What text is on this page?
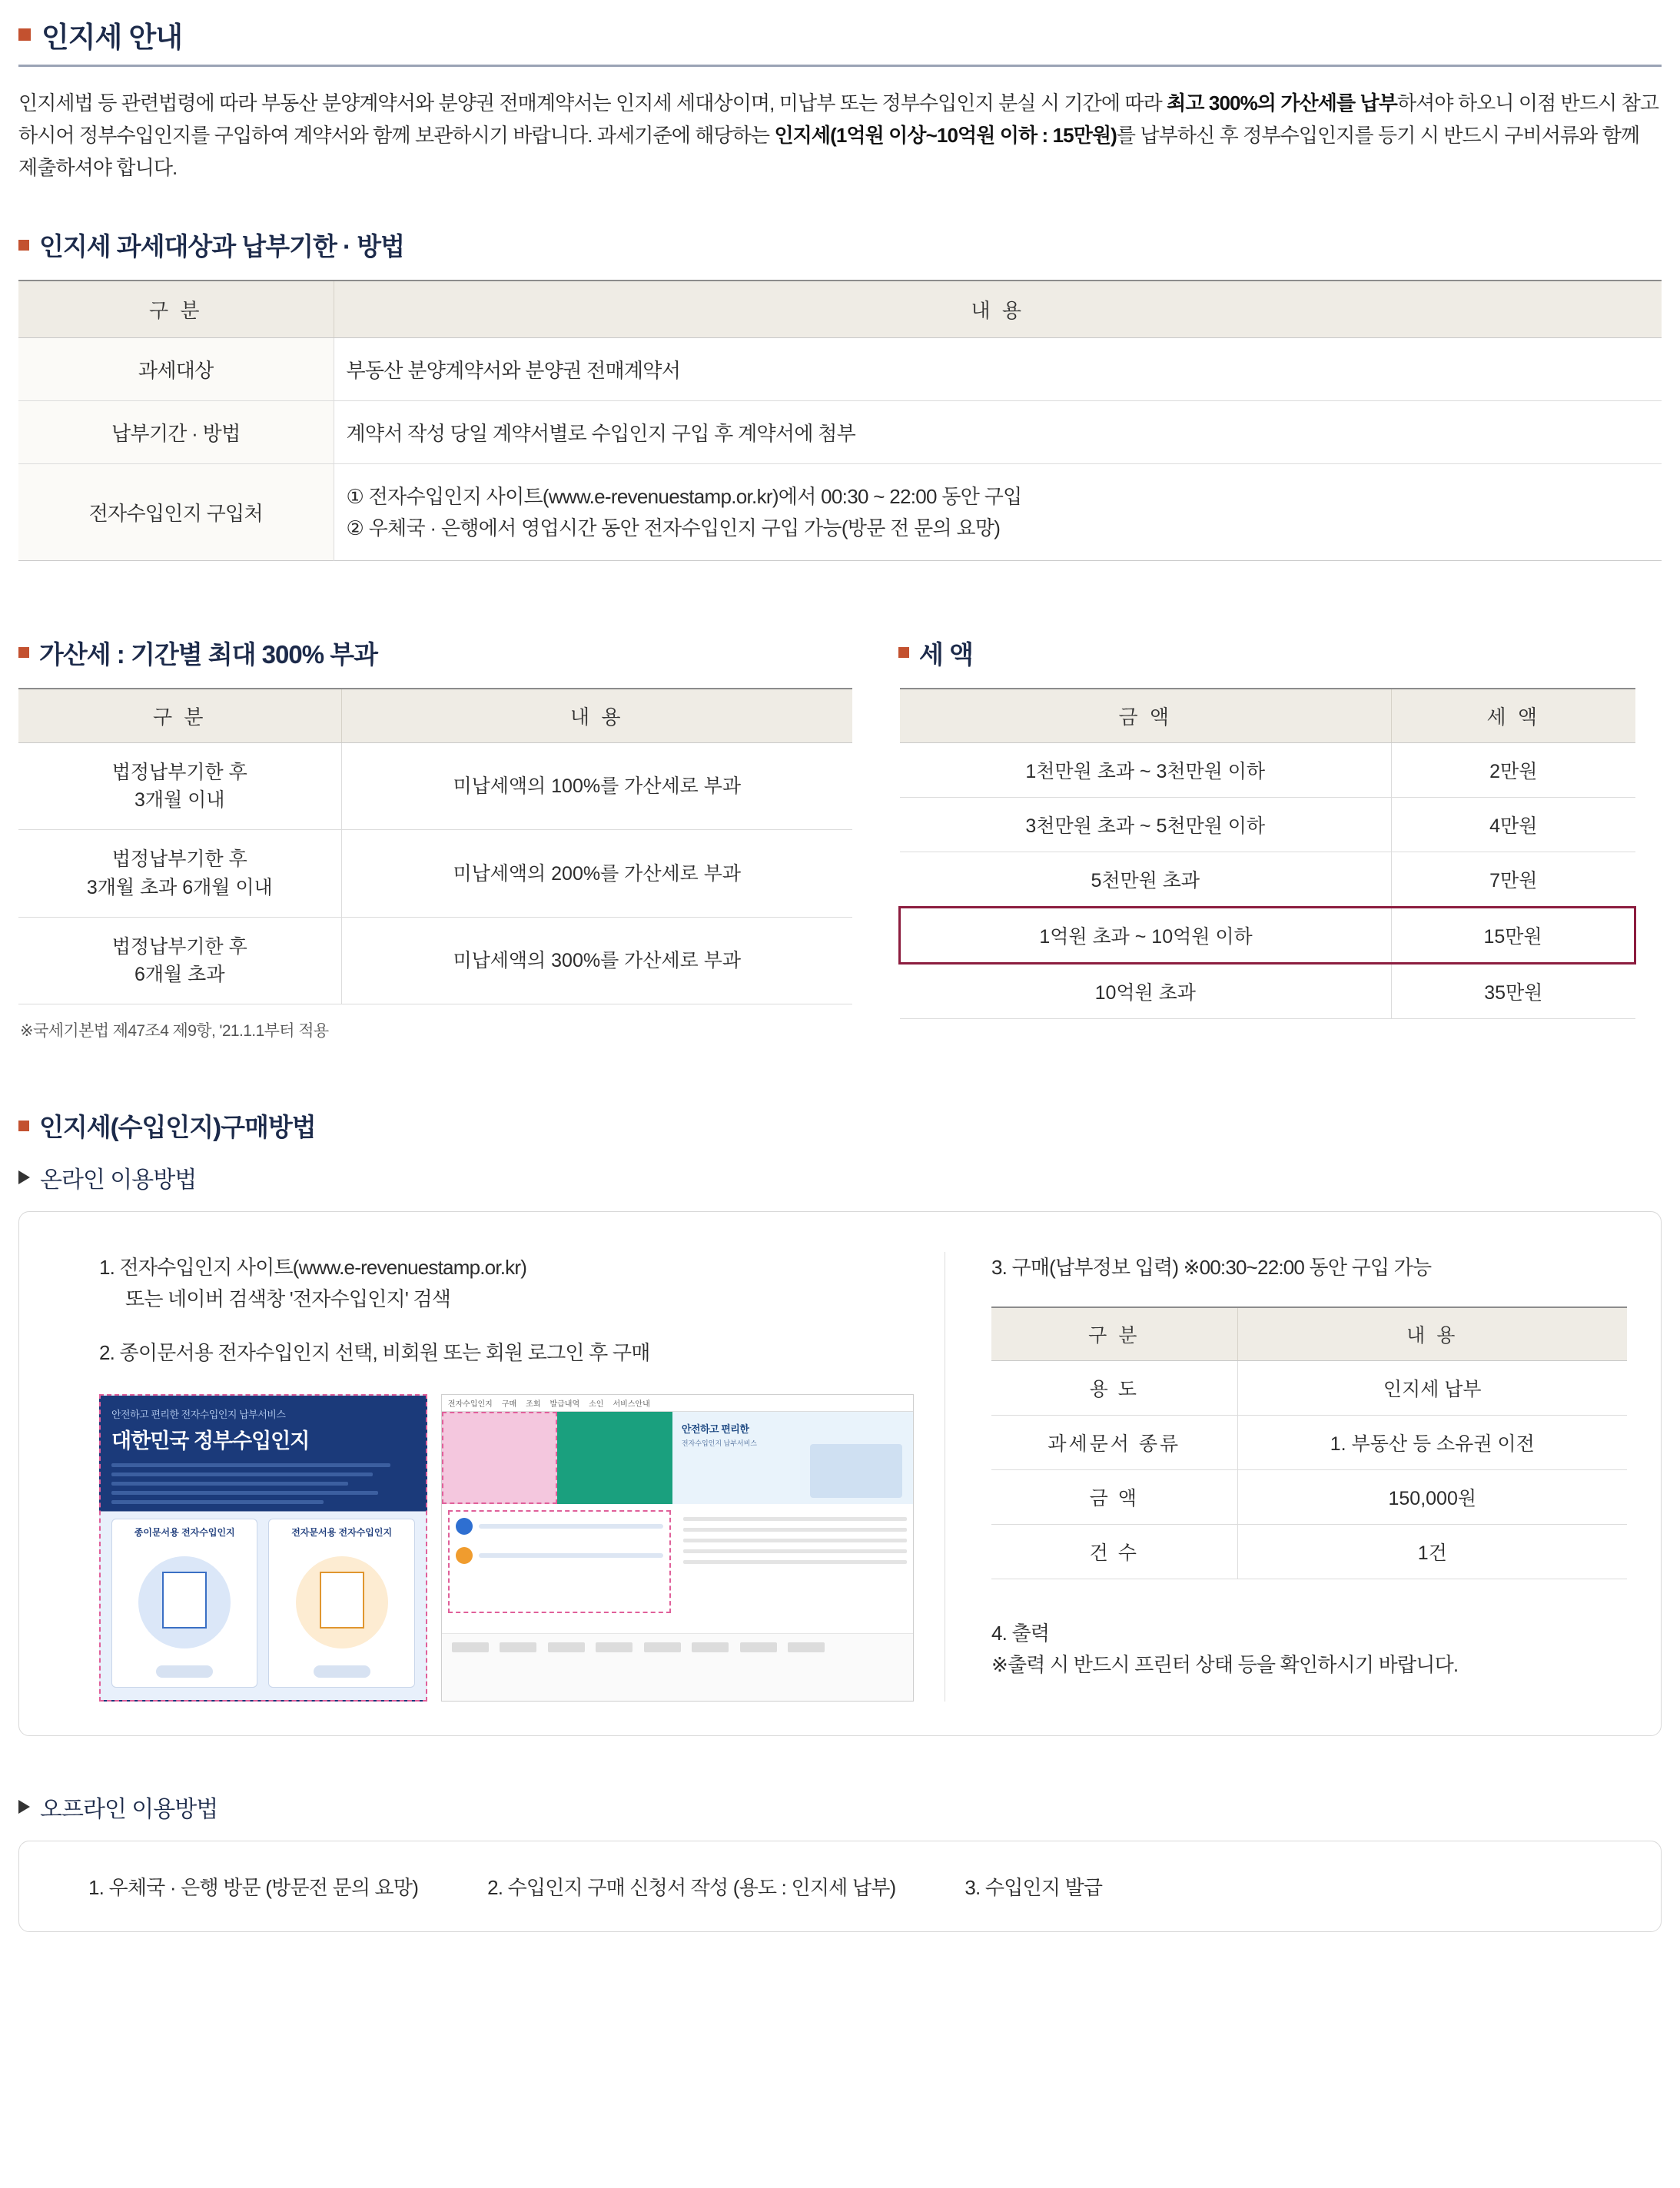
인지세 안내

인지세법 등 관련법령에 따라 부동산 분양계약서와 분양권 전매계약서는 인지세 세대상이며, 미납부 또는 정부수입인지 분실 시 기간에 따라 최고 300%의 가산세를 납부하셔야 하오니 이점 반드시 참고하시어 정부수입인지를 구입하여 계약서와 함께 보관하시기 바랍니다. 과세기준에 해당하는 인지세(1억원 이상~10억원 이하 : 15만원)를 납부하신 후 정부수입인지를 등기 시 반드시 구비서류와 함께 제출하셔야 합니다.

인지세 과세대상과 납부기한 · 방법
구 분	내 용
과세대상	부동산 분양계약서와 분양권 전매계약서
납부기간 · 방법	계약서 작성 당일 계약서별로 수입인지 구입 후 계약서에 첨부
전자수입인지 구입처	① 전자수입인지 사이트(www.e-revenuestamp.or.kr)에서 00:30 ~ 22:00 동안 구입
② 우체국 · 은행에서 영업시간 동안 전자수입인지 구입 가능(방문 전 문의 요망)
가산세 : 기간별 최대 300% 부과
구 분	내 용

법정납부기한 후
3개월 이내	미납세액의 100%를 가산세로 부과

법정납부기한 후
3개월 초과 6개월 이내	미납세액의 200%를 가산세로 부과

법정납부기한 후
6개월 초과	미납세액의 300%를 가산세로 부과
※국세기본법 제47조4 제9항, '21.1.1부터 적용
세 액
금 액	세 액
1천만원 초과 ~ 3천만원 이하	2만원
3천만원 초과 ~ 5천만원 이하	4만원
5천만원 초과	7만원
1억원 초과 ~ 10억원 이하	15만원
10억원 초과	35만원
인지세(수입인지)구매방법
온라인 이용방법
1. 전자수입인지 사이트(www.e-revenuestamp.or.kr)
또는 네이버 검색창 '전자수입인지' 검색
2. 종이문서용 전자수입인지 선택, 비회원 또는 회원 로그인 후 구매
안전하고 편리한 전자수입인지 납부서비스
대한민국 정부수입인지
종이문서용 전자수입인지	전자문서용 전자수입인지
전자수입인지 구매 조회 발급내역 소인 서비스안내
안전하고 편리한
전자수입인지 납부서비스

3. 구매(납부정보 입력) ※00:30~22:00 동안 구입 가능
구 분	내 용
용 도	인지세 납부
과세문서 종류	1. 부동산 등 소유권 이전
금 액	150,000원
건 수	1건
4. 출력
※출력 시 반드시 프린터 상태 등을 확인하시기 바랍니다.
오프라인 이용방법
1. 우체국 · 은행 방문 (방문전 문의 요망)	2. 수입인지 구매 신청서 작성 (용도 : 인지세 납부)	3. 수입인지 발급
